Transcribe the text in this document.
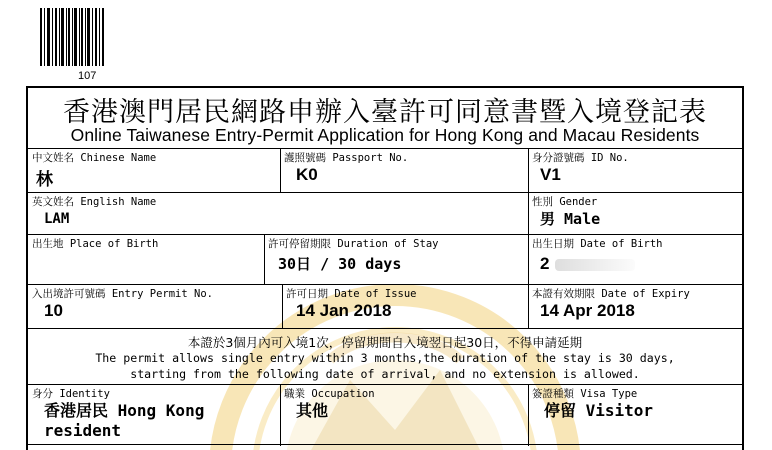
107
香港澳門居民網路申辦入臺許可同意書暨入境登記表
Online Taiwanese Entry-Permit Application for Hong Kong and Macau Residents
中文姓名 Chinese Name
林
護照號碼 Passport No.
K0
身分證號碼 ID No.
V1
英文姓名 English Name
LAM
性別 Gender
男 Male
出生地 Place of Birth	許可停留期限 Duration of Stay
30日 / 30 days
出生日期 Date of Birth
2
入出境許可號碼 Entry Permit No.
10
許可日期 Date of Issue
14 Jan 2018
本證有效期限 Date of Expiry
14 Apr 2018
本證於3個月內可入境1次，停留期間自入境翌日起30日，不得申請延期
The permit allows single entry within 3 months,the duration of the stay is 30 days,
starting from the following date of arrival, and no extension is allowed.
身分 Identity
香港居民 Hong Kong
resident
職業 Occupation
其他
簽證種類 Visa Type
停留 Visitor
